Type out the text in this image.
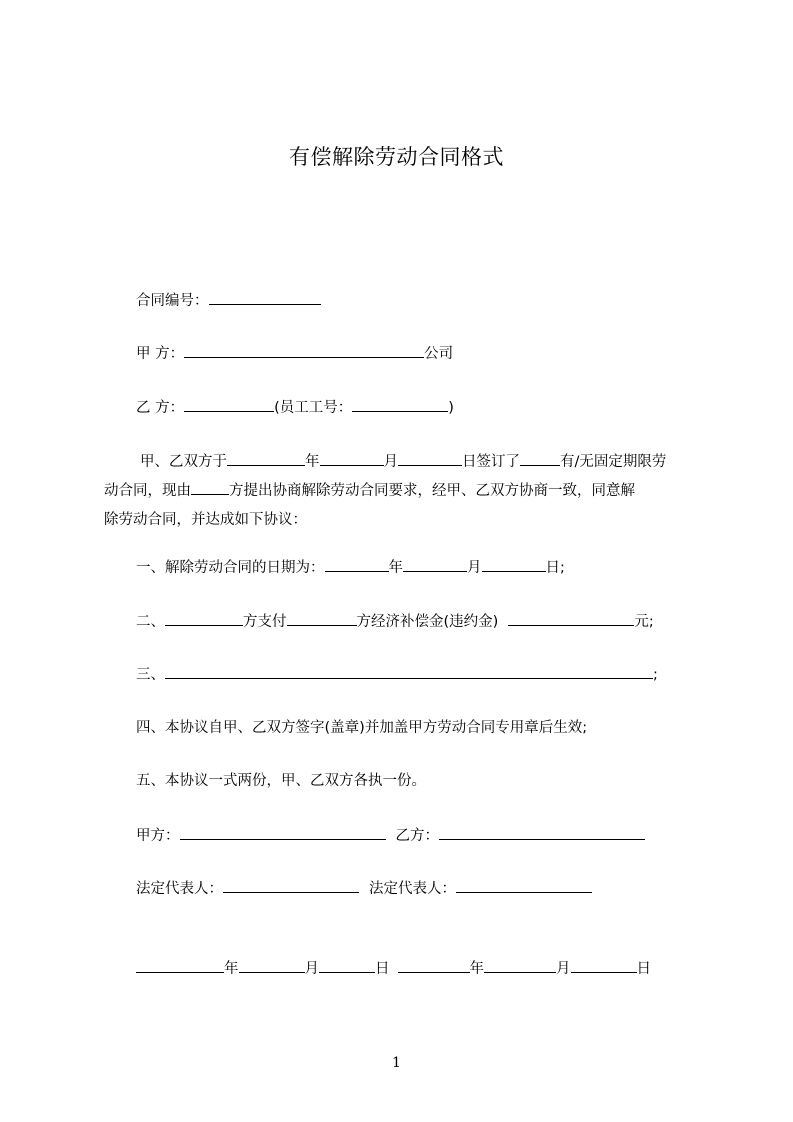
有偿解除劳动合同格式
合同编号：
甲 方：	公司
乙 方：	(员工工号：	)
甲、乙双方于	年	月	日签订了	有/无固定期限劳
动合同，现由	方提出协商解除劳动合同要求，经甲、乙双方协商一致，同意解
除劳动合同，并达成如下协议：
一、解除劳动合同的日期为：	年	月	日;
二、	方支付	方经济补偿金(违约金)	元;
三、	;
四、本协议自甲、乙双方签字(盖章)并加盖甲方劳动合同专用章后生效;
五、本协议一式两份，甲、乙双方各执一份。
甲方：	乙方：
法定代表人：	法定代表人：
年	月	日	年	月	日
1
